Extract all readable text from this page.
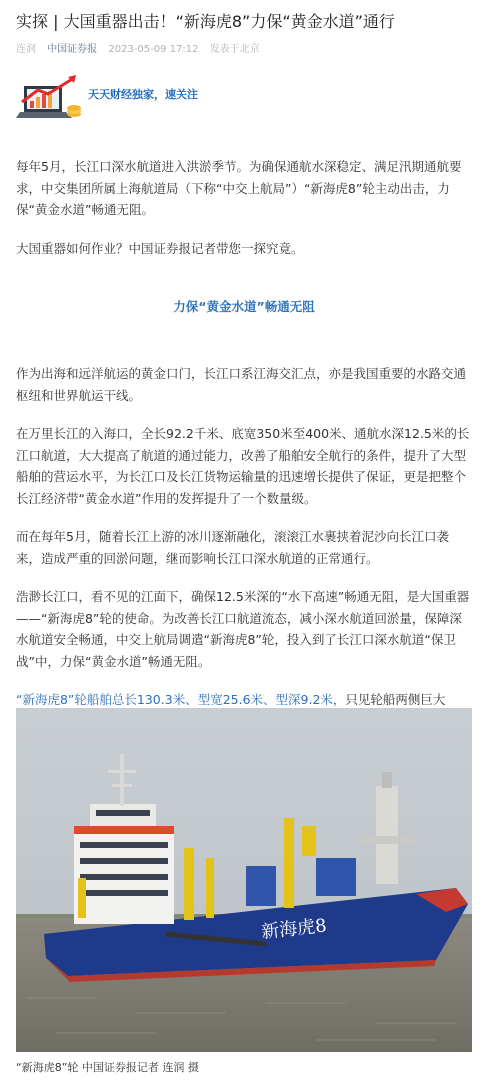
实探 | 大国重器出击！“新海虎8”力保“黄金水道”通行
连润 中国证券报 2023-05-09 17:12 发表于北京
天天财经独家，速关注

每年5月，长江口深水航道进入洪淤季节。为确保通航水深稳定、满足汛期通航要求，中交集团所属上海航道局（下称“中交上航局”）“新海虎8”轮主动出击，力保“黄金水道”畅通无阻。

大国重器如何作业？中国证券报记者带您一探究竟。

力保“黄金水道”畅通无阻

作为出海和远洋航运的黄金口门，长江口系江海交汇点，亦是我国重要的水路交通枢纽和世界航运干线。

在万里长江的入海口，全长92.2千米、底宽350米至400米、通航水深12.5米的长江口航道，大大提高了航道的通过能力，改善了船舶安全航行的条件，提升了大型船舶的营运水平，为长江口及长江货物运输量的迅速增长提供了保证，更是把整个长江经济带“黄金水道”作用的发挥提升了一个数量级。

而在每年5月，随着长江上游的冰川逐渐融化，滚滚江水裹挟着泥沙向长江口袭来，造成严重的回淤问题，继而影响长江口深水航道的正常通行。

浩渺长江口，看不见的江面下，确保12.5米深的“水下高速”畅通无阻，是大国重器——“新海虎8”轮的使命。为改善长江口航道流态，减小深水航道回淤量，保障深水航道安全畅通，中交上航局调遣“新海虎8”轮，投入到了长江口深水航道“保卫战”中，力保“黄金水道”畅通无阻。

“新海虎8”轮船舶总长130.3米、型宽25.6米、型深9.2米，只见轮船两侧巨大

新海虎8
“新海虎8”轮 中国证券报记者 连润 摄
